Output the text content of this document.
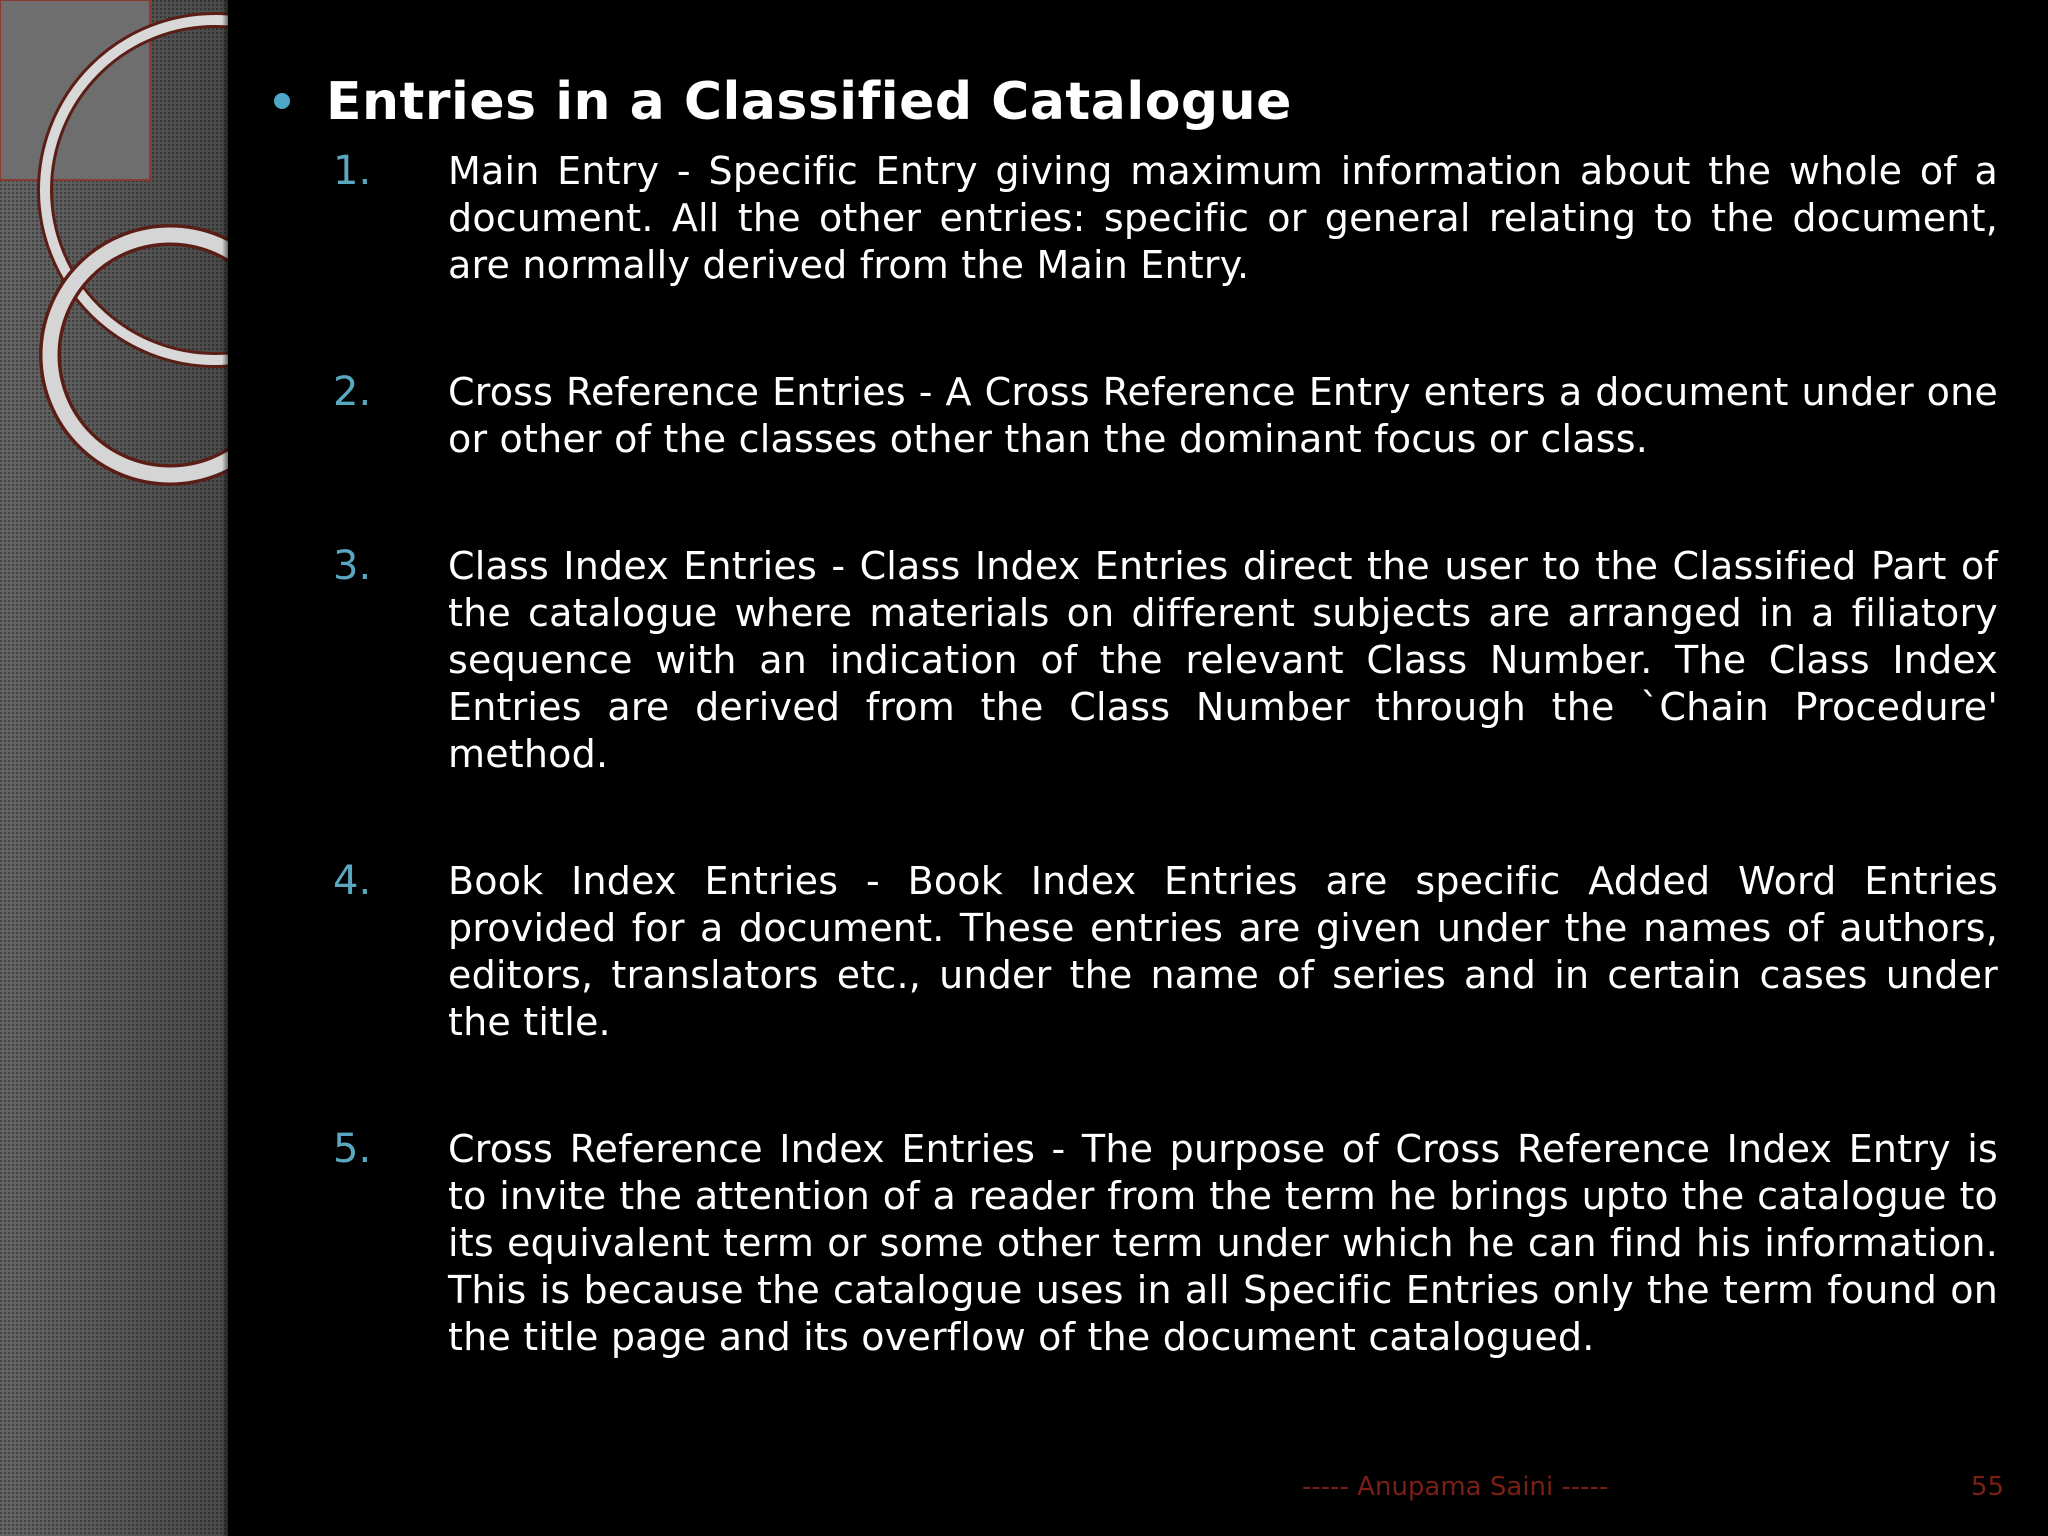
Entries in a Classified Catalogue
1. Main Entry - Specific Entry giving maximum information about the whole of a document. All the other entries: specific or general relating to the document, are normally derived from the Main Entry.
2. Cross Reference Entries - A Cross Reference Entry enters a document under one or other of the classes other than the dominant focus or class.
3. Class Index Entries - Class Index Entries direct the user to the Classified Part of the catalogue where materials on different subjects are arranged in a filiatory sequence with an indication of the relevant Class Number. The Class Index Entries are derived from the Class Number through the `Chain Procedure' method.
4. Book Index Entries - Book Index Entries are specific Added Word Entries provided for a document. These entries are given under the names of authors, editors, translators etc., under the name of series and in certain cases under the title.
5. Cross Reference Index Entries - The purpose of Cross Reference Index Entry is to invite the attention of a reader from the term he brings upto the catalogue to its equivalent term or some other term under which he can find his information. This is because the catalogue uses in all Specific Entries only the term found on the title page and its overflow of the document catalogued.
----- Anupama Saini -----	55
